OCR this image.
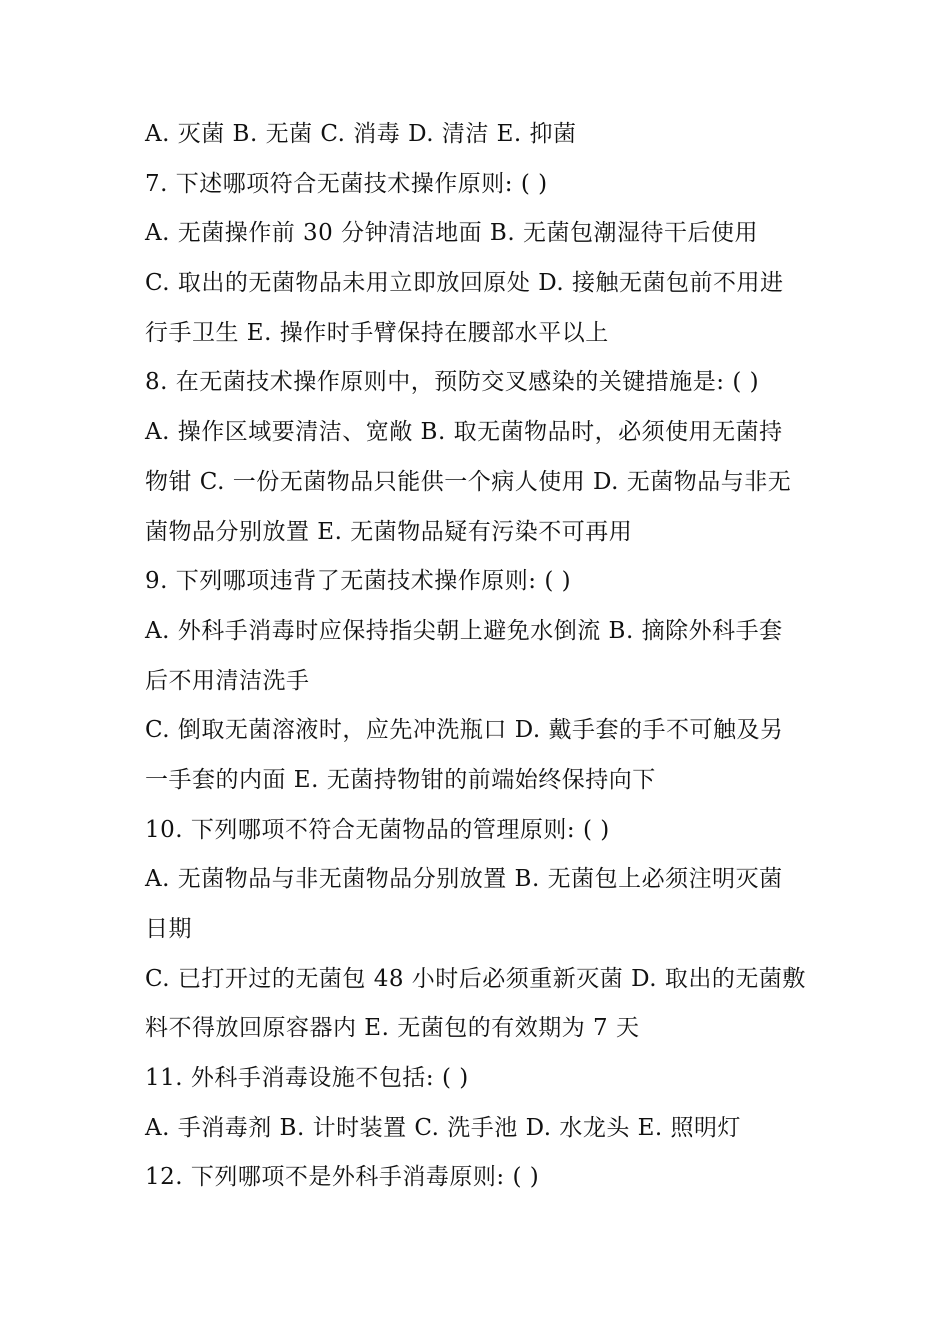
A. 灭菌 B. 无菌 C. 消毒 D. 清洁 E. 抑菌
7. 下述哪项符合无菌技术操作原则: ( )
A. 无菌操作前 30 分钟清洁地面 B. 无菌包潮湿待干后使用
C. 取出的无菌物品未用立即放回原处 D. 接触无菌包前不用进
行手卫生 E. 操作时手臂保持在腰部水平以上
8. 在无菌技术操作原则中，预防交叉感染的关键措施是: ( )
A. 操作区域要清洁、宽敞 B. 取无菌物品时，必须使用无菌持
物钳 C. 一份无菌物品只能供一个病人使用 D. 无菌物品与非无
菌物品分别放置 E. 无菌物品疑有污染不可再用
9. 下列哪项违背了无菌技术操作原则: ( )
A. 外科手消毒时应保持指尖朝上避免水倒流 B. 摘除外科手套
后不用清洁洗手
C. 倒取无菌溶液时，应先冲洗瓶口 D. 戴手套的手不可触及另
一手套的内面 E. 无菌持物钳的前端始终保持向下
10. 下列哪项不符合无菌物品的管理原则: ( )
A. 无菌物品与非无菌物品分别放置 B. 无菌包上必须注明灭菌
日期
C. 已打开过的无菌包 48 小时后必须重新灭菌 D. 取出的无菌敷
料不得放回原容器内 E. 无菌包的有效期为 7 天
11. 外科手消毒设施不包括: ( )
A. 手消毒剂 B. 计时装置 C. 洗手池 D. 水龙头 E. 照明灯
12. 下列哪项不是外科手消毒原则: ( )
